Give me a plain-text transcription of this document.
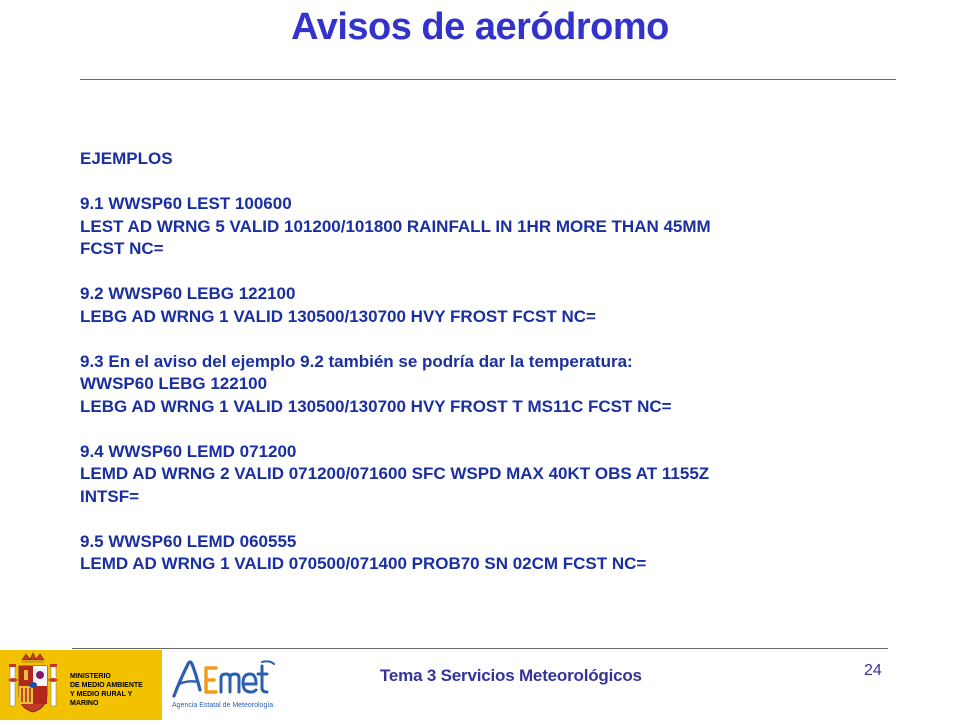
Avisos de aeródromo
EJEMPLOS
9.1 WWSP60 LEST 100600
LEST AD WRNG 5 VALID 101200/101800 RAINFALL IN 1HR MORE THAN 45MM
FCST NC=
9.2 WWSP60 LEBG 122100
LEBG AD WRNG 1 VALID 130500/130700 HVY FROST FCST NC=
9.3 En el aviso del ejemplo 9.2 también se podría dar la temperatura:
WWSP60 LEBG 122100
LEBG AD WRNG 1 VALID 130500/130700 HVY FROST T MS11C FCST NC=
9.4 WWSP60 LEMD 071200
LEMD AD WRNG 2 VALID 071200/071600 SFC WSPD MAX 40KT OBS AT 1155Z
INTSF=
9.5 WWSP60 LEMD 060555
LEMD AD WRNG 1 VALID 070500/071400 PROB70 SN 02CM FCST NC=
MINISTERIO
DE MEDIO AMBIENTE
Y MEDIO RURAL Y MARINO	Agencia Estatal de Meteorología
Tema 3 Servicios Meteorológicos	24
